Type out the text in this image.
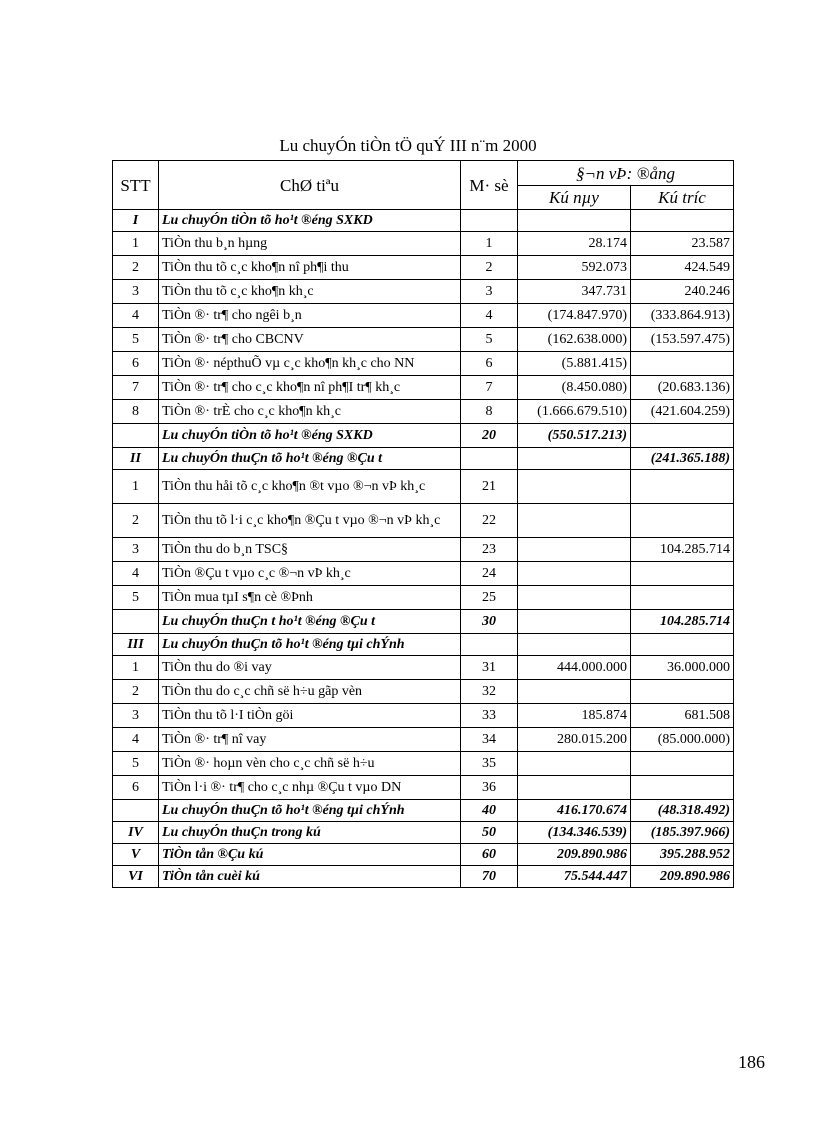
Lu chuyÓn tiÒn tÖ quÝ III n¨m 2000
STT	ChØ tiªu	M· sè	§¬n vÞ: ®ång	
			Kú nµy	Kú tríc
I	Lu chuyÓn tiÒn tõ ho¹t ®éng SXKD			
1	TiÒn thu b¸n hµng	1	28.174	23.587
2	TiÒn thu tõ c¸c kho¶n nî ph¶i thu	2	592.073	424.549
3	TiÒn thu tõ c¸c kho¶n kh¸c	3	347.731	240.246
4	TiÒn ®· tr¶ cho ngêi b¸n	4	(174.847.970)	(333.864.913)
5	TiÒn ®· tr¶ cho CBCNV	5	(162.638.000)	(153.597.475)
6	TiÒn ®· népthuÕ vµ c¸c kho¶n kh¸c cho NN	6	(5.881.415)	
7	TiÒn ®· tr¶ cho c¸c kho¶n nî ph¶I tr¶ kh¸c	7	(8.450.080)	(20.683.136)
8	TiÒn ®· trÈ cho c¸c kho¶n kh¸c	8	(1.666.679.510)	(421.604.259)
	Lu chuyÓn tiÒn tõ ho¹t ®éng SXKD	20	(550.517.213)	
II	Lu chuyÓn thuÇn tõ ho¹t ®éng ®Çu t			(241.365.188)
1	TiÒn thu håi tõ c¸c kho¶n ®t vµo ®¬n vÞ kh¸c	21		
2	TiÒn thu tõ l·i c¸c kho¶n ®Çu t vµo ®¬n vÞ kh¸c	22		
3	TiÒn thu do b¸n TSC§	23		104.285.714
4	TiÒn ®Çu t vµo c¸c ®¬n vÞ kh¸c	24		
5	TiÒn mua tµI s¶n cè ®Þnh	25		
	Lu chuyÓn thuÇn t ho¹t ®éng ®Çu t	30		104.285.714
III	Lu chuyÓn thuÇn tõ ho¹t ®éng tµi chÝnh			
1	TiÒn thu do ®i vay	31	444.000.000	36.000.000
2	TiÒn thu do c¸c chñ së h÷u gãp vèn	32		
3	TiÒn thu tõ l·I tiÒn göi	33	185.874	681.508
4	TiÒn ®· tr¶ nî vay	34	280.015.200	(85.000.000)
5	TiÒn ®· hoµn vèn cho c¸c chñ së h÷u	35		
6	TiÒn l·i ®· tr¶ cho c¸c nhµ ®Çu t vµo DN	36		
	Lu chuyÓn thuÇn tõ ho¹t ®éng tµi chÝnh	40	416.170.674	(48.318.492)
IV	Lu chuyÓn thuÇn trong kú	50	(134.346.539)	(185.397.966)
V	TiÒn tån ®Çu kú	60	209.890.986	395.288.952
VI	TiÒn tån cuèi kú	70	75.544.447	209.890.986
186
